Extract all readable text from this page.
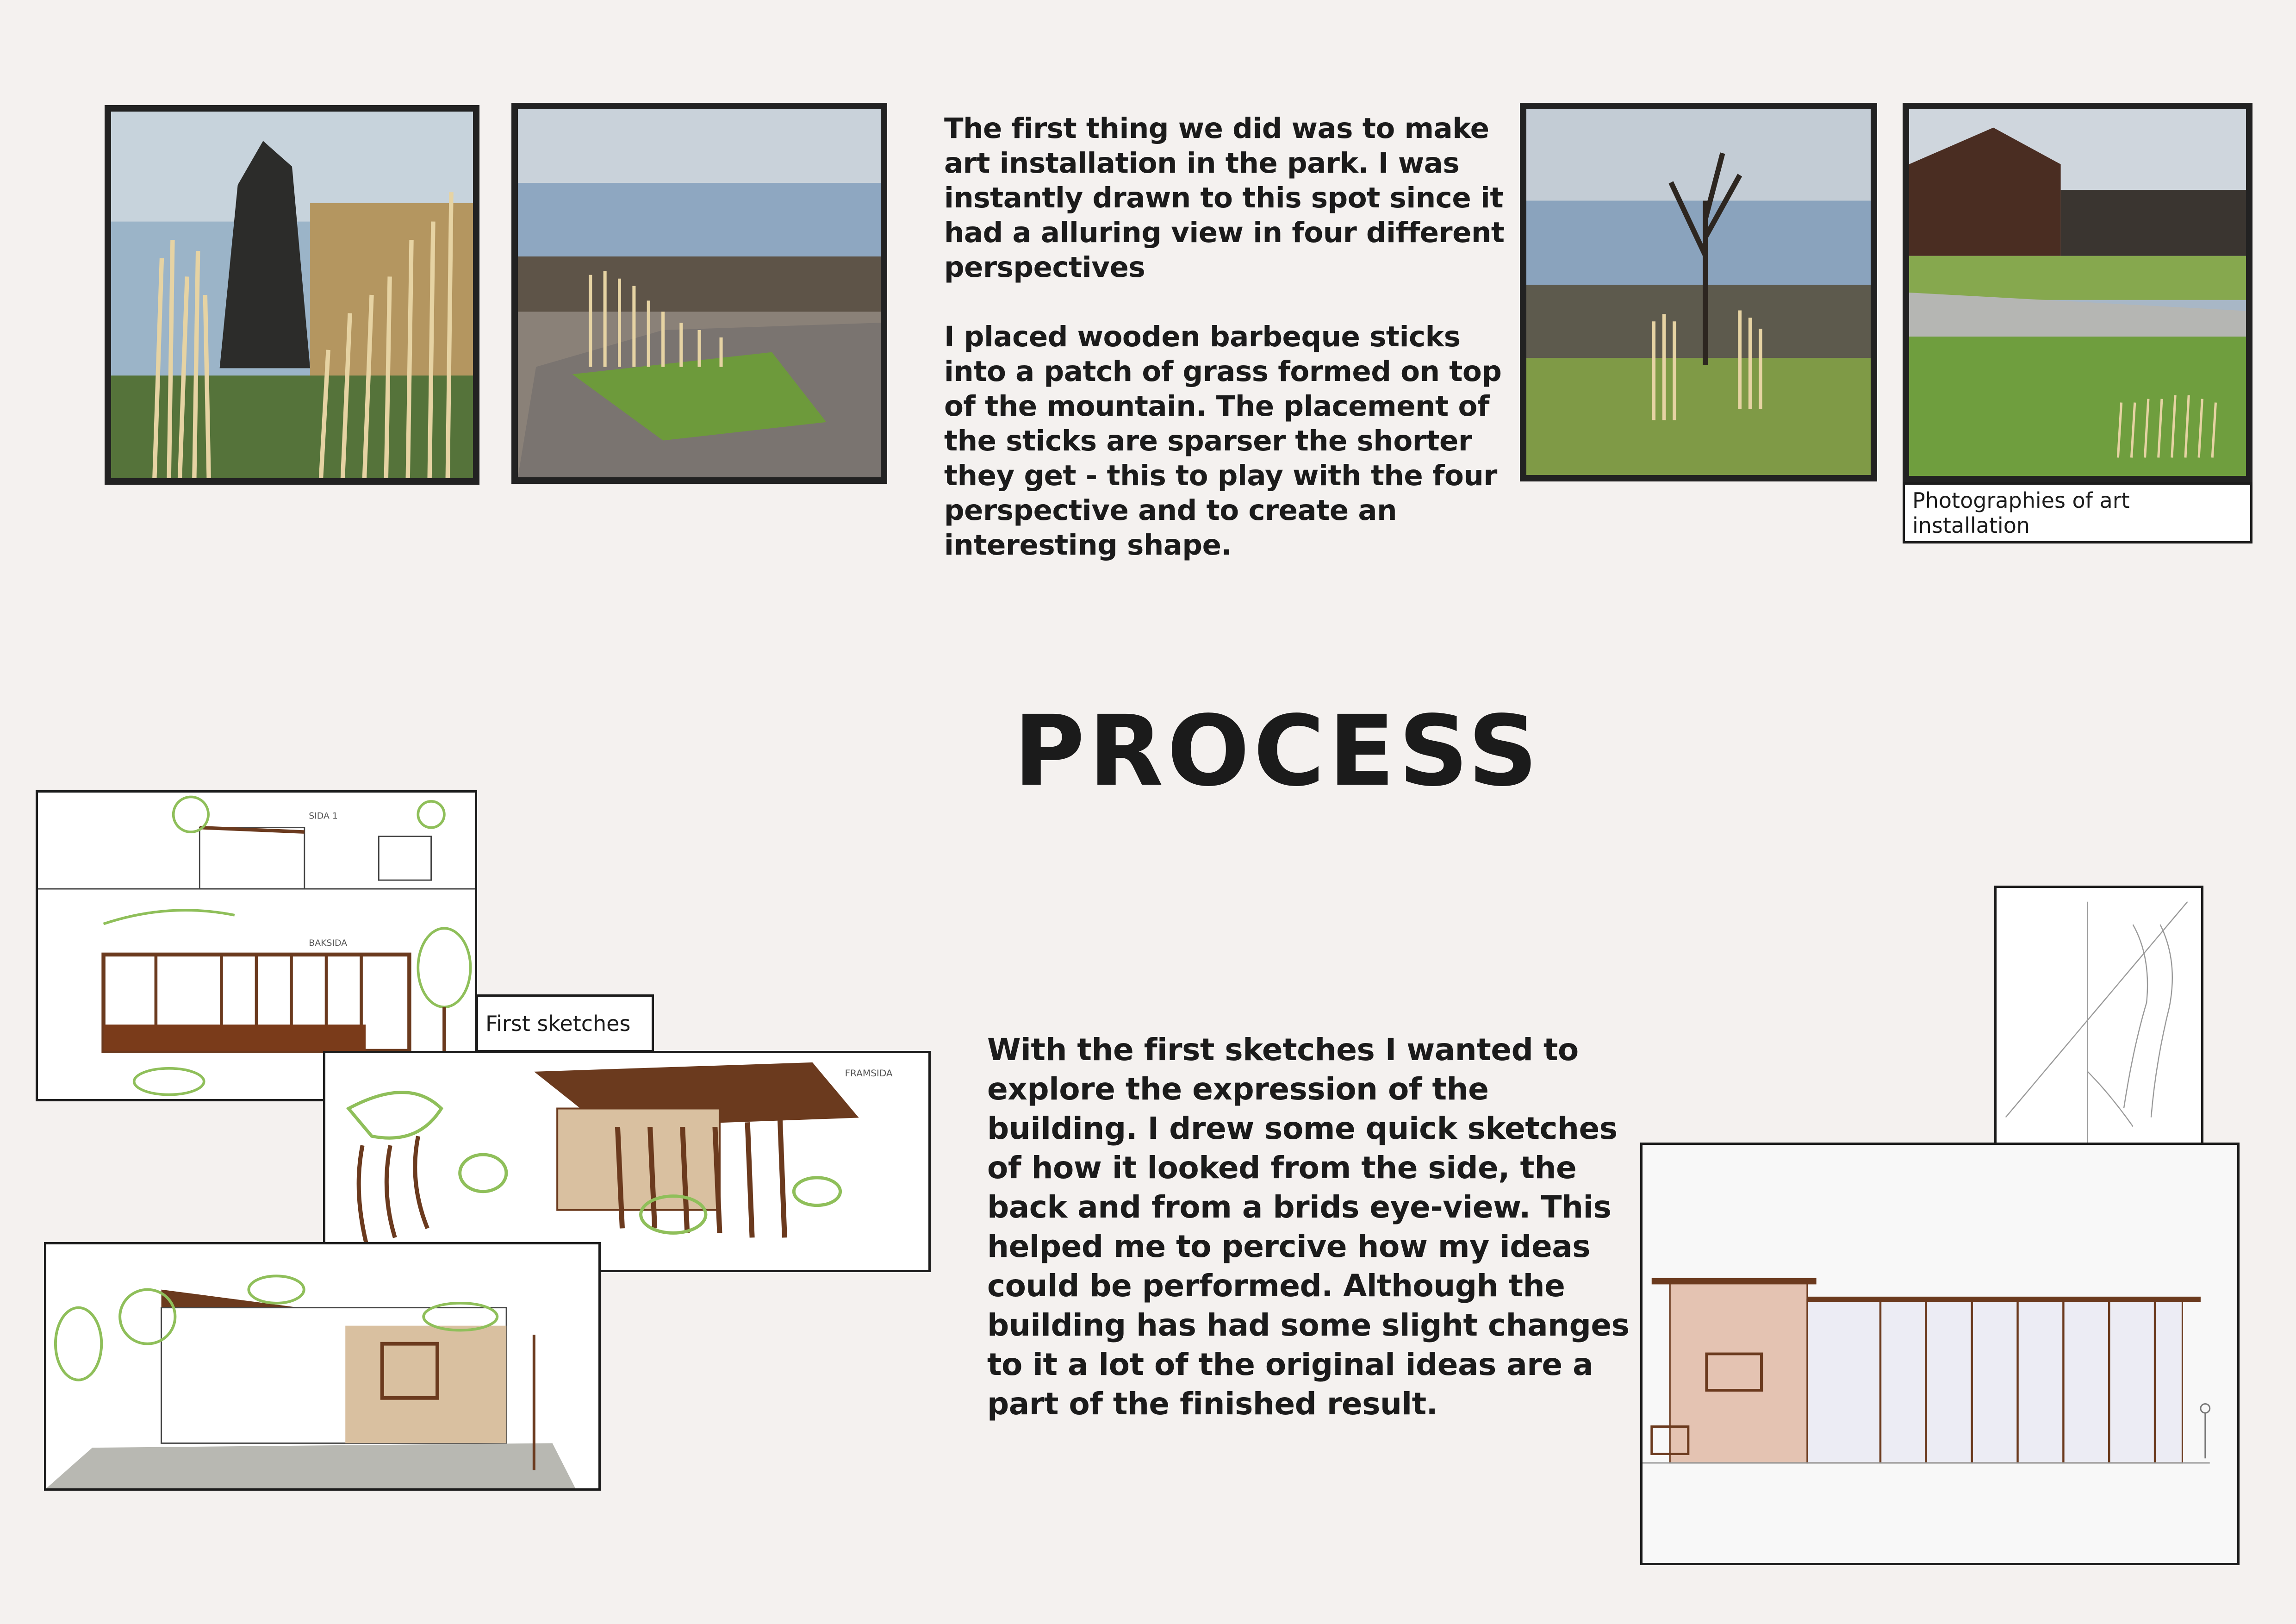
Photographies of art installation
The first thing we did was to make art installation in the park. I was instantly drawn to this spot since it had a alluring view in four different perspectives
I placed wooden barbeque sticks into a patch of grass formed on top of the mountain. The placement of the sticks are sparser the shorter they get - this to play with the four perspective and to create an interesting shape.
PROCESS
SIDA 1
BAKSIDA
First sketches
FRAMSIDA
With the first sketches I wanted to explore the expression of the building. I drew some quick sketches of how it looked from the side, the back and from a brids eye-view. This helped me to percive how my ideas could be performed. Although the building has had some slight changes to it a lot of the original ideas are a part of the finished result.
